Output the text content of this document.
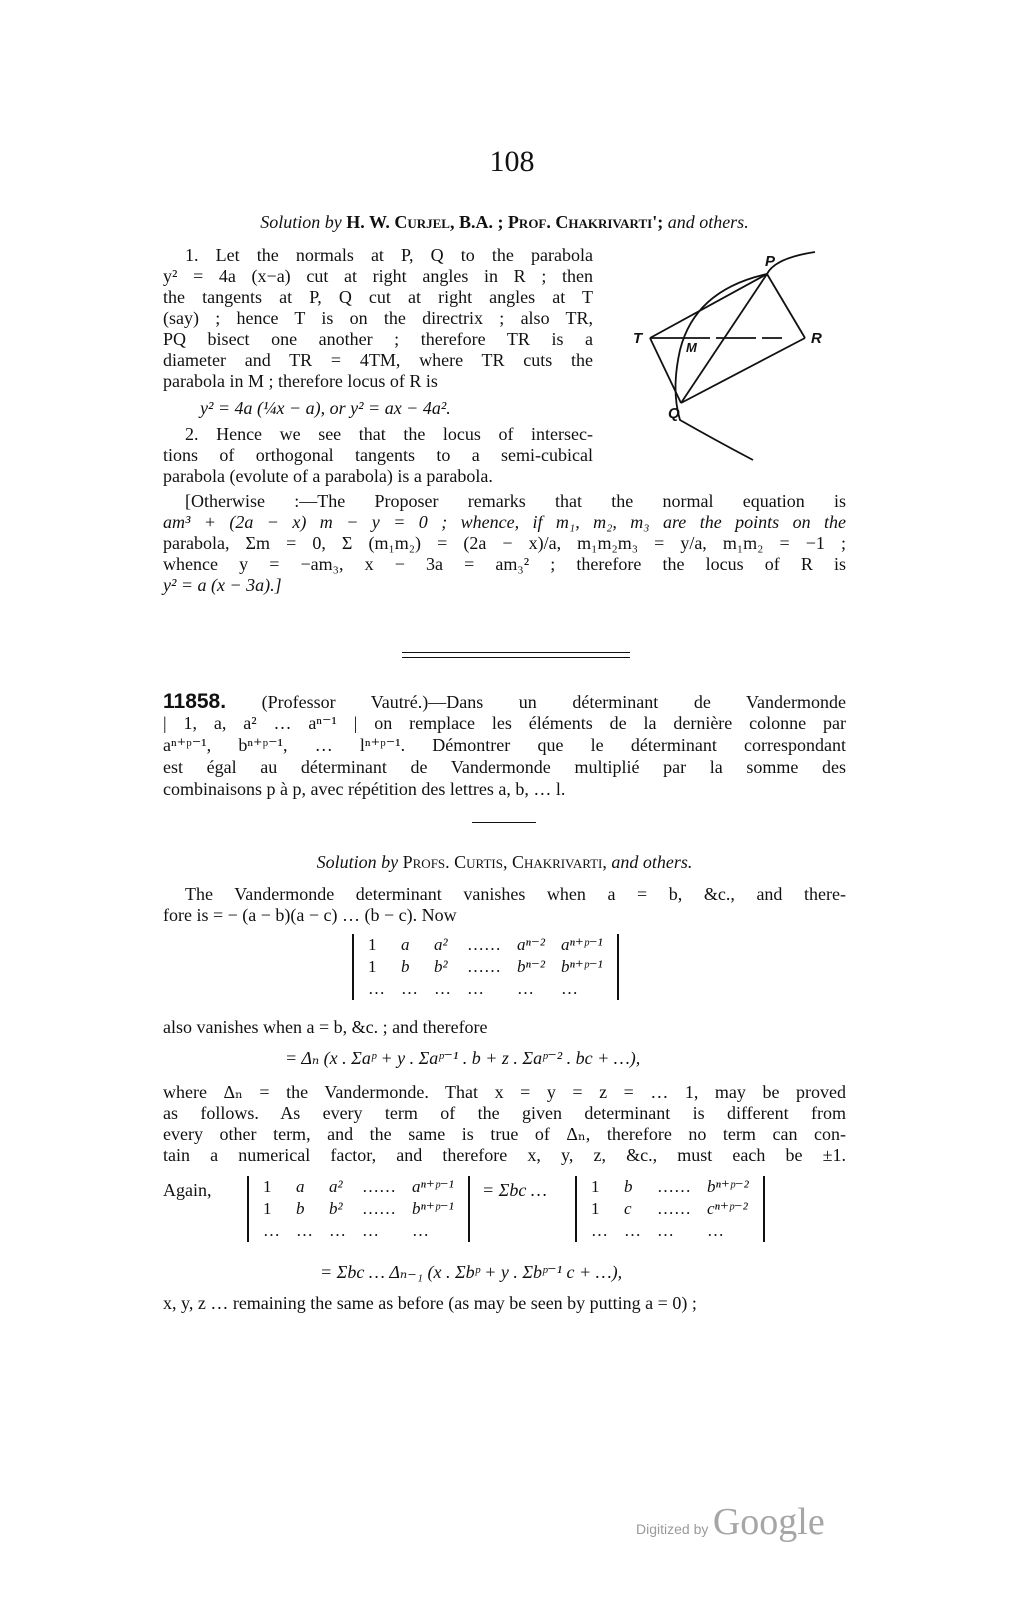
108
Solution by H. W. Curjel, B.A. ; Prof. Chakrivarti'; and others.
1. Let the normals at P, Q to the parabola
y² = 4a (x−a) cut at right angles in R ; then
the tangents at P, Q cut at right angles at T
(say) ; hence T is on the directrix ; also TR,
PQ bisect one another ; therefore TR is a
diameter and TR = 4TM, where TR cuts the
parabola in M ; therefore locus of R is
y² = 4a (¼x − a), or y² = ax − 4a².
2. Hence we see that the locus of intersec-
tions of orthogonal tangents to a semi-cubical
parabola (evolute of a parabola) is a parabola.
P
T
M
R
Q
[Otherwise :—The Proposer remarks that the normal equation is
am³ + (2a − x) m − y = 0 ; whence, if m₁, m₂, m₃ are the points on the
parabola, Σm = 0, Σ (m₁m₂) = (2a − x)/a, m₁m₂m₃ = y/a, m₁m₂ = −1 ;
whence y = −am₃, x − 3a = am₃² ; therefore the locus of R is
y² = a (x − 3a).]
11858. (Professor Vautré.)—Dans un déterminant de Vandermonde
| 1, a, a² … aⁿ⁻¹ | on remplace les éléments de la dernière colonne par
aⁿ⁺ᵖ⁻¹, bⁿ⁺ᵖ⁻¹, … lⁿ⁺ᵖ⁻¹. Démontrer que le déterminant correspondant
est égal au déterminant de Vandermonde multiplié par la somme des
combinaisons p à p, avec répétition des lettres a, b, … l.
Solution by Profs. Curtis, Chakrivarti, and others.
The Vandermonde determinant vanishes when a = b, &c., and there-
fore is = − (a − b)(a − c) … (b − c). Now
1	a	a²	……	aⁿ⁻²	aⁿ⁺ᵖ⁻¹
1	b	b²	……	bⁿ⁻²	bⁿ⁺ᵖ⁻¹
…	…	…	…	…	…
also vanishes when a = b, &c. ; and therefore
= Δₙ (x . Σaᵖ + y . Σaᵖ⁻¹ . b + z . Σaᵖ⁻² . bc + …),
where Δₙ = the Vandermonde. That x = y = z = … 1, may be proved
as follows. As every term of the given determinant is different from
every other term, and the same is true of Δₙ, therefore no term can con-
tain a numerical factor, and therefore x, y, z, &c., must each be ±1.
Again,	1	a	a²	……	aⁿ⁺ᵖ⁻¹
1	b	b²	……	bⁿ⁺ᵖ⁻¹
…	…	…	…	…
= Σbc …	1	b	……	bⁿ⁺ᵖ⁻²
1	c	……	cⁿ⁺ᵖ⁻²
…	…	…	…
= Σbc … Δₙ₋₁ (x . Σbᵖ + y . Σbᵖ⁻¹ c + …),
x, y, z … remaining the same as before (as may be seen by putting a = 0) ;
Digitized by Google
